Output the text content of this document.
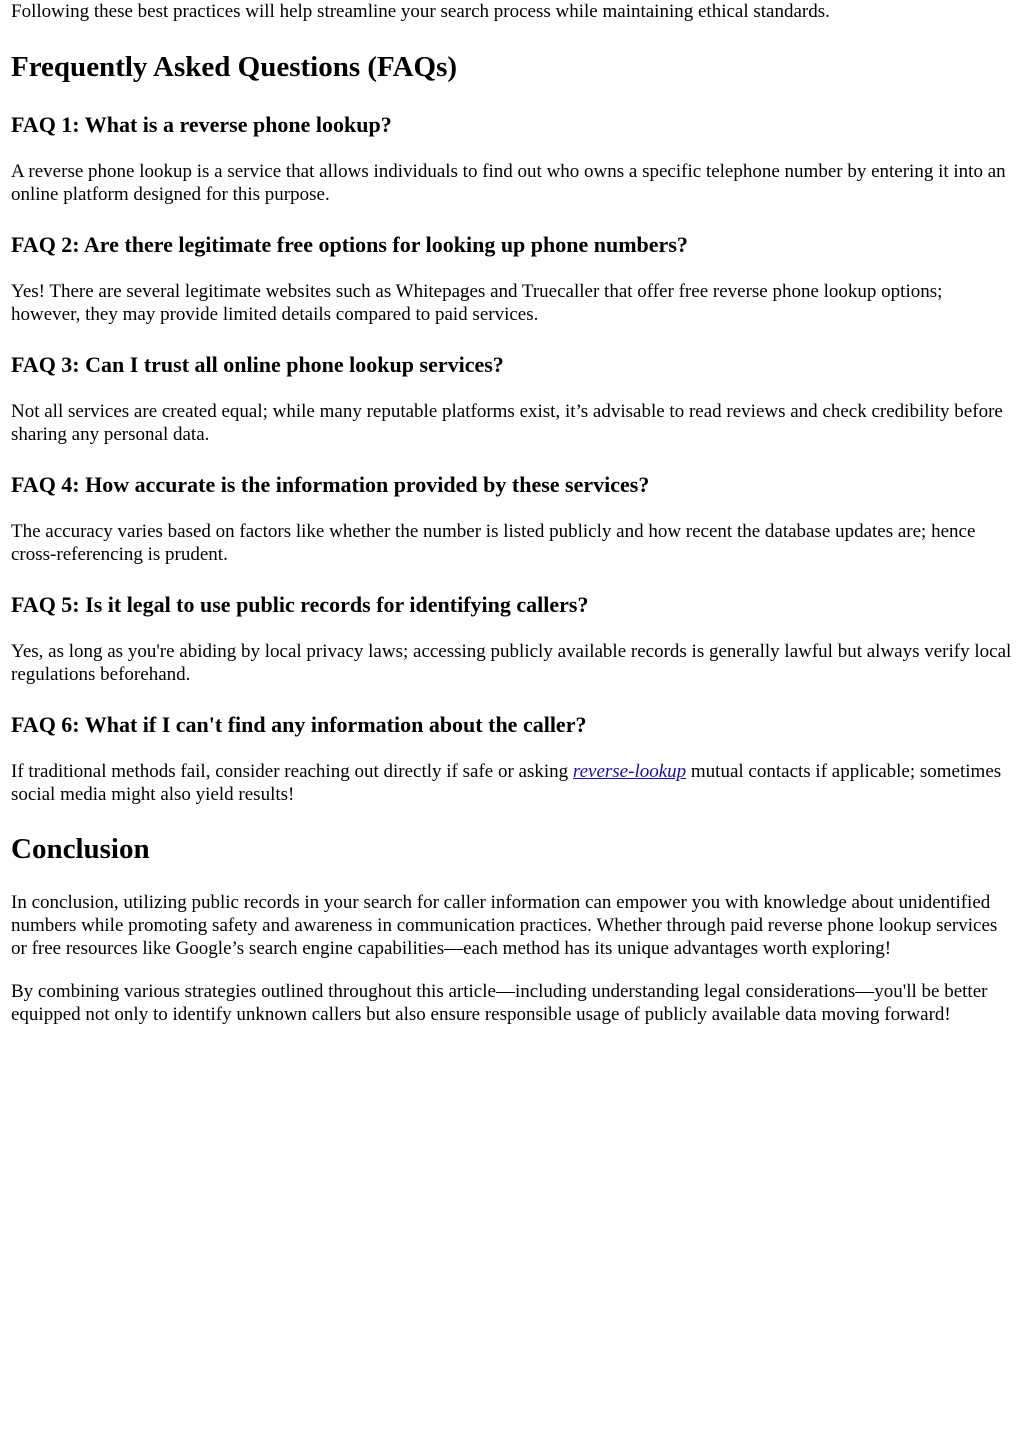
Following these best practices will help streamline your search process while maintaining ethical standards.

Frequently Asked Questions (FAQs)
FAQ 1: What is a reverse phone lookup?

A reverse phone lookup is a service that allows individuals to find out who owns a specific telephone number by entering it into an online platform designed for this purpose.

FAQ 2: Are there legitimate free options for looking up phone numbers?

Yes! There are several legitimate websites such as Whitepages and Truecaller that offer free reverse phone lookup options; however, they may provide limited details compared to paid services.

FAQ 3: Can I trust all online phone lookup services?

Not all services are created equal; while many reputable platforms exist, it’s advisable to read reviews and check credibility before sharing any personal data.

FAQ 4: How accurate is the information provided by these services?

The accuracy varies based on factors like whether the number is listed publicly and how recent the database updates are; hence cross-referencing is prudent.

FAQ 5: Is it legal to use public records for identifying callers?

Yes, as long as you're abiding by local privacy laws; accessing publicly available records is generally lawful but always verify local regulations beforehand.

FAQ 6: What if I can't find any information about the caller?

If traditional methods fail, consider reaching out directly if safe or asking reverse-lookup mutual contacts if applicable; sometimes social media might also yield results!

Conclusion

In conclusion, utilizing public records in your search for caller information can empower you with knowledge about unidentified numbers while promoting safety and awareness in communication practices. Whether through paid reverse phone lookup services or free resources like Google’s search engine capabilities—each method has its unique advantages worth exploring!

By combining various strategies outlined throughout this article—including understanding legal considerations—you'll be better equipped not only to identify unknown callers but also ensure responsible usage of publicly available data moving forward!
